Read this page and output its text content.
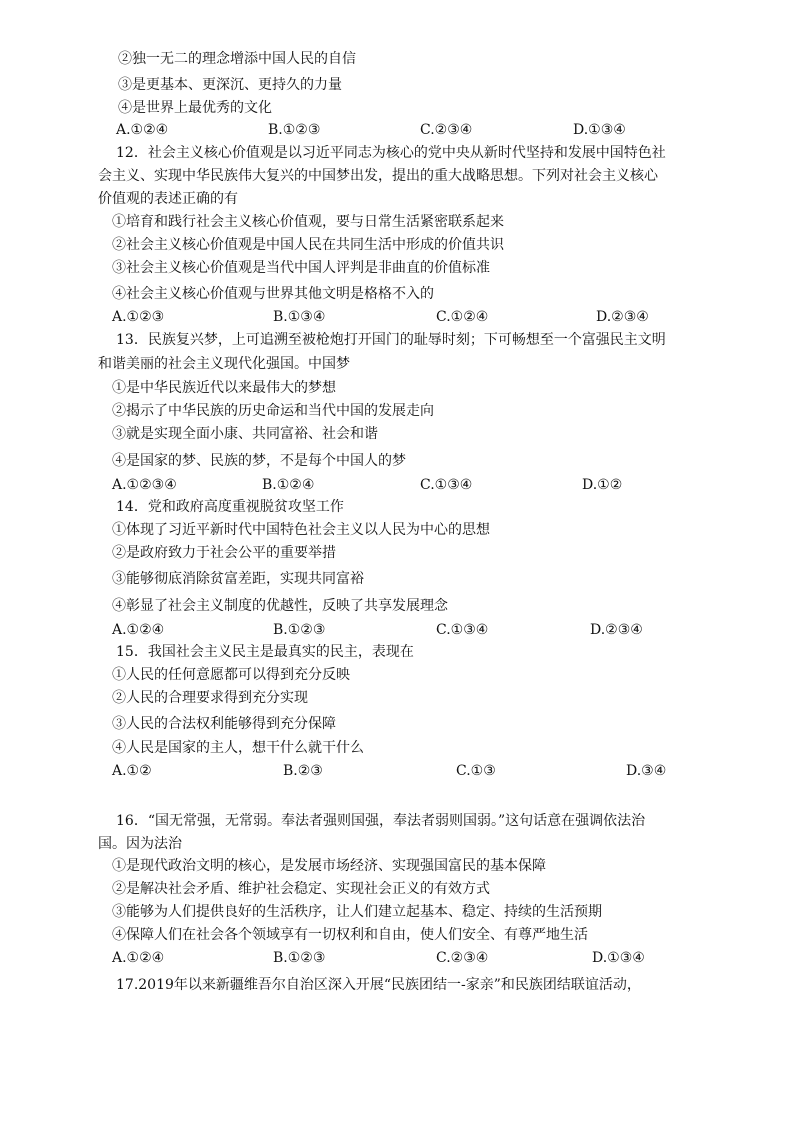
②独一无二的理念增添中国人民的自信
③是更基本、更深沉、更持久的力量
④是世界上最优秀的文化
A.①②④	B.①②③	C.②③④	D.①③④
12．社会主义核心价值观是以习近平同志为核心的党中央从新时代坚持和发展中国特色社
会主义、实现中华民族伟大复兴的中国梦出发，提出的重大战略思想。下列对社会主义核心
价值观的表述正确的有
①培育和践行社会主义核心价值观，要与日常生活紧密联系起来
②社会主义核心价值观是中国人民在共同生活中形成的价值共识
③社会主义核心价值观是当代中国人评判是非曲直的价值标准
④社会主义核心价值观与世界其他文明是格格不入的
A.①②③	B.①③④	C.①②④	D.②③④
13．民族复兴梦，上可追溯至被枪炮打开国门的耻辱时刻；下可畅想至一个富强民主文明
和谐美丽的社会主义现代化强国。中国梦
①是中华民族近代以来最伟大的梦想
②揭示了中华民族的历史命运和当代中国的发展走向
③就是实现全面小康、共同富裕、社会和谐
④是国家的梦、民族的梦，不是每个中国人的梦
A.①②③④	B.①②④	C.①③④	D.①②
14．党和政府高度重视脱贫攻坚工作
①体现了习近平新时代中国特色社会主义以人民为中心的思想
②是政府致力于社会公平的重要举措
③能够彻底消除贫富差距，实现共同富裕
④彰显了社会主义制度的优越性，反映了共享发展理念
A.①②④	B.①②③	C.①③④	D.②③④
15．我国社会主义民主是最真实的民主，表现在
①人民的任何意愿都可以得到充分反映
②人民的合理要求得到充分实现
③人民的合法权利能够得到充分保障
④人民是国家的主人，想干什么就干什么
A.①②	B.②③	C.①③	D.③④
16．“国无常强，无常弱。奉法者强则国强，奉法者弱则国弱。”这句话意在强调依法治
国。因为法治
①是现代政治文明的核心，是发展市场经济、实现强国富民的基本保障
②是解决社会矛盾、维护社会稳定、实现社会正义的有效方式
③能够为人们提供良好的生活秩序，让人们建立起基本、稳定、持续的生活预期
④保障人们在社会各个领域享有一切权利和自由，使人们安全、有尊严地生活
A.①②④	B.①②③	C.②③④	D.①③④
17.2019年以来新疆维吾尔自治区深入开展“民族团结一-家亲”和民族团结联谊活动，
